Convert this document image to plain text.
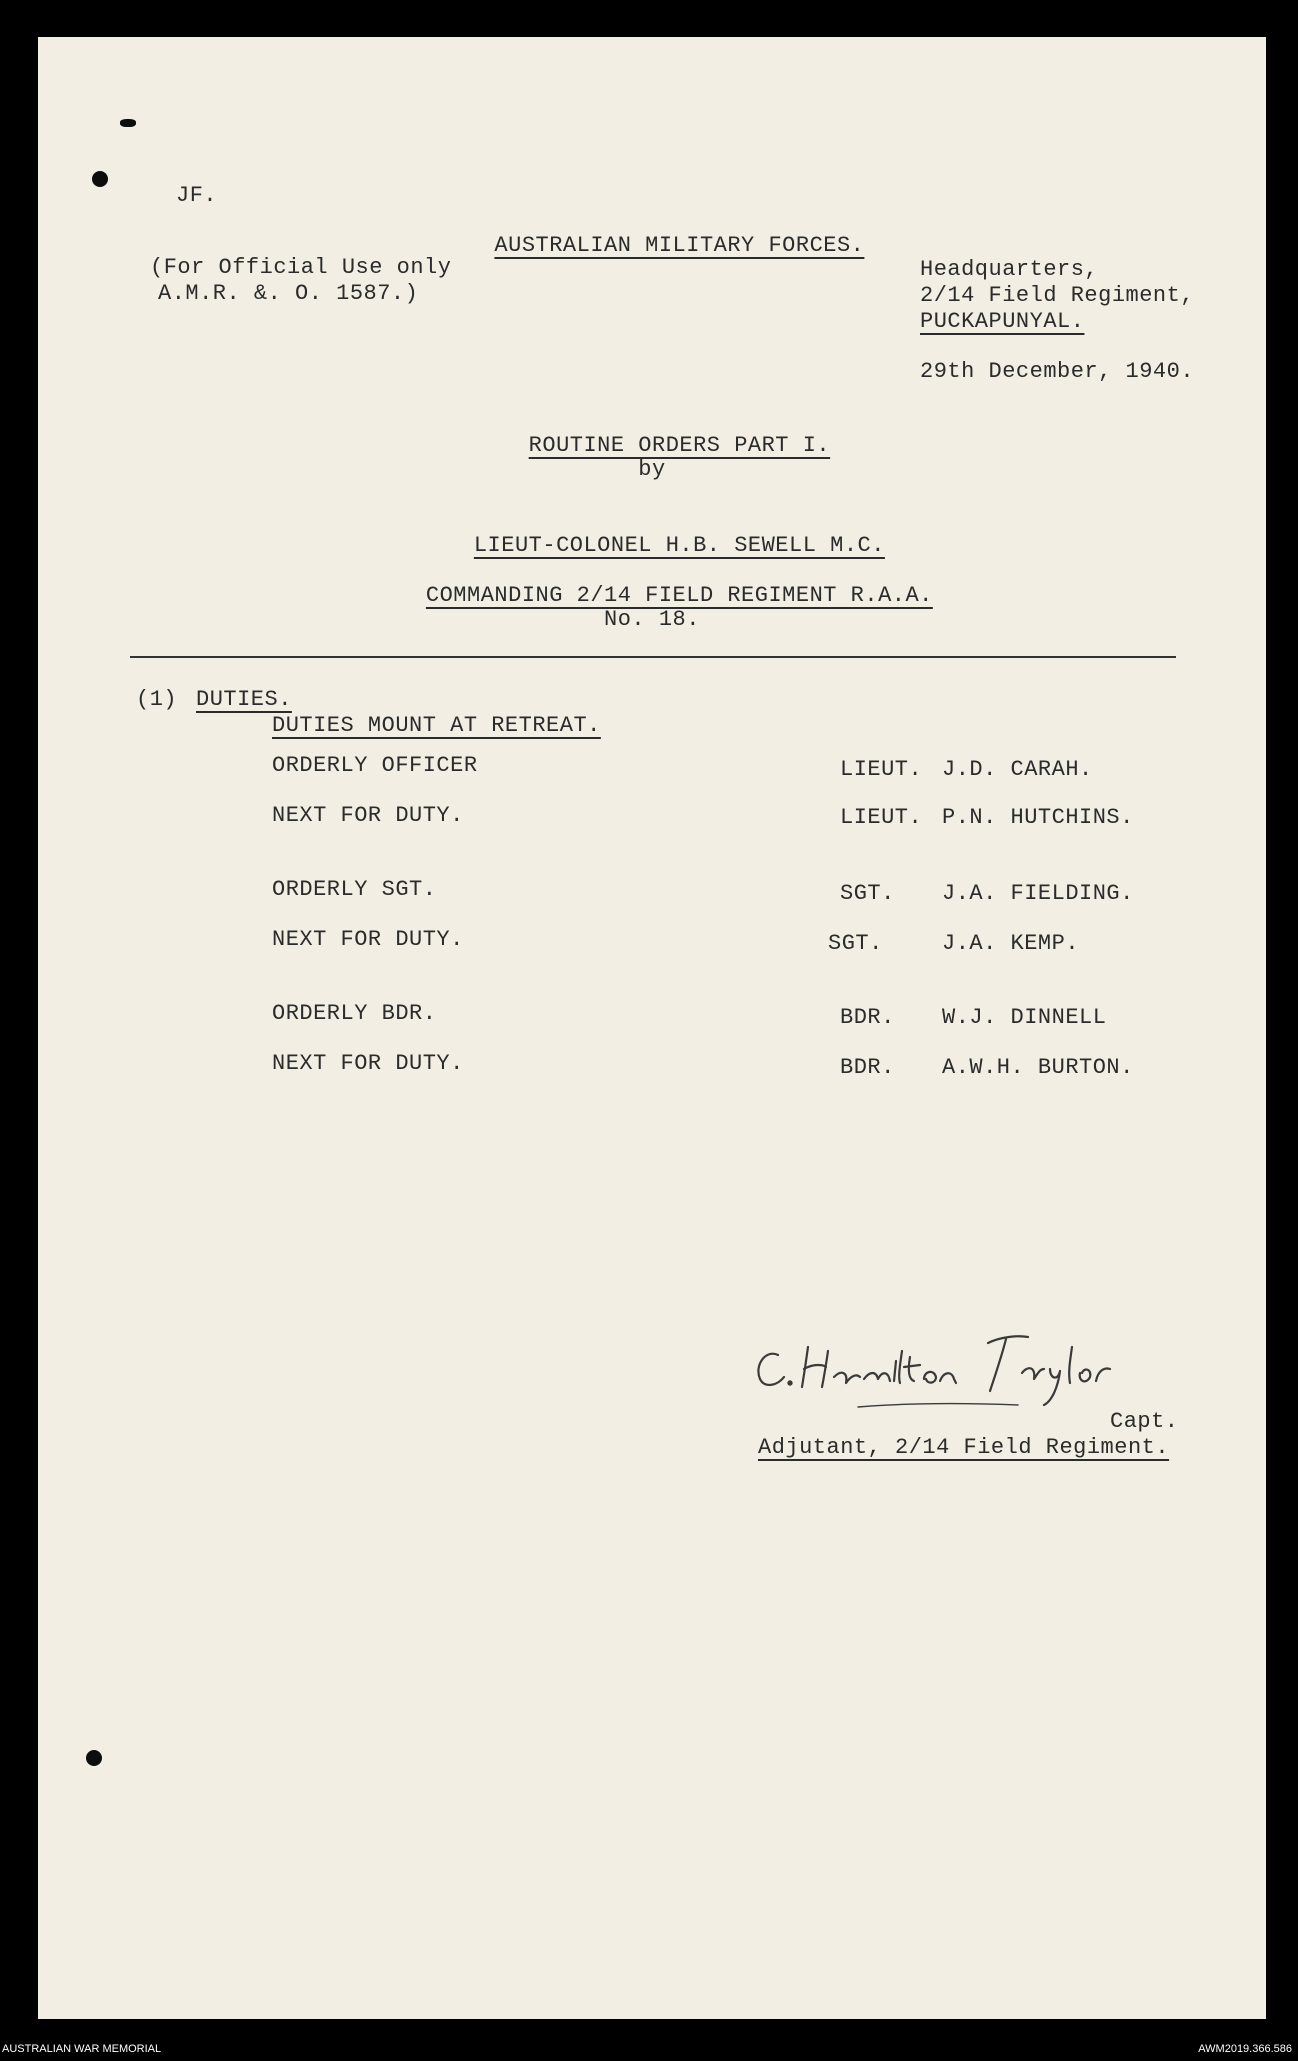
JF.

AUSTRALIAN MILITARY FORCES.

(For Official Use only
A.M.R. &. O. 1587.)
Headquarters,
2/14 Field Regiment,
PUCKAPUNYAL.
29th December, 1940.

ROUTINE ORDERS PART I.

by

LIEUT-COLONEL H.B. SEWELL M.C.

COMMANDING 2/14 FIELD REGIMENT R.A.A.

No. 18.
(1) DUTIES.
DUTIES MOUNT AT RETREAT.
ORDERLY OFFICER	LIEUT. J.D. CARAH.
NEXT FOR DUTY.	LIEUT. P.N. HUTCHINS.
ORDERLY SGT.	SGT. J.A. FIELDING.
NEXT FOR DUTY.	SGT.	J.A. KEMP.
ORDERLY BDR.	BDR. W.J. DINNELL
NEXT FOR DUTY.	BDR. A.W.H. BURTON.
Capt.
Adjutant, 2/14 Field Regiment.
AUSTRALIAN WAR MEMORIAL	AWM2019.366.586
